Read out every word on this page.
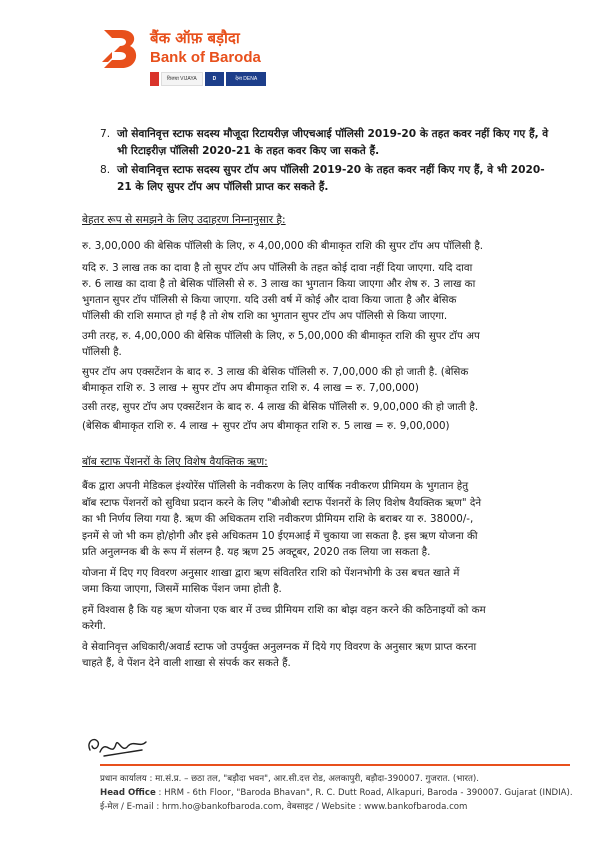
बैंक ऑफ़ बड़ौदा
Bank of Baroda
विजया VIJAYA	D	देना DENA
7. जो सेवानिवृत्त स्टाफ सदस्य मौजूदा रिटायरीज़ जीएचआई पॉलिसी 2019-20 के तहत कवर नहीं किए गए हैं, वे भी रिटाइरीज़ पॉलिसी 2020-21 के तहत कवर किए जा सकते हैं.
8. जो सेवानिवृत्त स्टाफ सदस्य सुपर टॉप अप पॉलिसी 2019-20 के तहत कवर नहीं किए गए हैं, वे भी 2020-21 के लिए सुपर टॉप अप पॉलिसी प्राप्त कर सकते हैं.
बेहतर रूप से समझने के लिए उदाहरण निम्नानुसार है:
रु. 3,00,000 की बेसिक पॉलिसी के लिए, रु 4,00,000 की बीमाकृत राशि की सुपर टॉप अप पॉलिसी है.
यदि रु. 3 लाख तक का दावा है तो सुपर टॉप अप पॉलिसी के तहत कोई दावा नहीं दिया जाएगा. यदि दावा
रु. 6 लाख का दावा है तो बेसिक पॉलिसी से रु. 3 लाख का भुगतान किया जाएगा और शेष रु. 3 लाख का
भुगतान सुपर टॉप पॉलिसी से किया जाएगा. यदि उसी वर्ष में कोई और दावा किया जाता है और बेसिक
पॉलिसी की राशि समाप्त हो गई है तो शेष राशि का भुगतान सुपर टॉप अप पॉलिसी से किया जाएगा.
उमी तरह, रु. 4,00,000 की बेसिक पॉलिसी के लिए, रु 5,00,000 की बीमाकृत राशि की सुपर टॉप अप
पॉलिसी है.
सुपर टॉप अप एक्सटेंशन के बाद रु. 3 लाख की बेसिक पॉलिसी रु. 7,00,000 की हो जाती है. (बेसिक
बीमाकृत राशि रु. 3 लाख + सुपर टॉप अप बीमाकृत राशि रु. 4 लाख = रु. 7,00,000)
उसी तरह, सुपर टॉप अप एक्सटेंशन के बाद रु. 4 लाख की बेसिक पॉलिसी रु. 9,00,000 की हो जाती है.
(बेसिक बीमाकृत राशि रु. 4 लाख + सुपर टॉप अप बीमाकृत राशि रु. 5 लाख = रु. 9,00,000)
बॉब स्टाफ पेंशनरों के लिए विशेष वैयक्तिक ऋण:
बैंक द्वारा अपनी मेडिकल इंश्योरेंस पॉलिसी के नवीकरण के लिए वार्षिक नवीकरण प्रीमियम के भुगतान हेतु
बॉब स्टाफ पेंशनरों को सुविधा प्रदान करने के लिए "बीओबी स्टाफ पेंशनरों के लिए विशेष वैयक्तिक ऋण" देने
का भी निर्णय लिया गया है. ऋण की अधिकतम राशि नवीकरण प्रीमियम राशि के बराबर या रु. 38000/-,
इनमें से जो भी कम हो/होगी और इसे अधिकतम 10 ईएमआई में चुकाया जा सकता है. इस ऋण योजना की
प्रति अनुलग्नक बी के रूप में संलग्न है. यह ऋण 25 अक्टूबर, 2020 तक लिया जा सकता है.
योजना में दिए गए विवरण अनुसार शाखा द्वारा ऋण संवितरित राशि को पेंशनभोगी के उस बचत खाते में
जमा किया जाएगा, जिसमें मासिक पेंशन जमा होती है.
हमें विश्वास है कि यह ऋण योजना एक बार में उच्च प्रीमियम राशि का बोझ वहन करने की कठिनाइयों को कम
करेगी.
वे सेवानिवृत्त अधिकारी/अवार्ड स्टाफ जो उपर्युक्त अनुलग्नक में दिये गए विवरण के अनुसार ऋण प्राप्त करना
चाहते हैं, वे पेंशन देने वाली शाखा से संपर्क कर सकते हैं.
प्रधान कार्यालय : मा.सं.प्र. – छठा तल, "बड़ौदा भवन", आर.सी.दत्त रोड, अलकापुरी, बड़ौदा-390007. गुजरात. (भारत).
Head Office : HRM - 6th Floor, "Baroda Bhavan", R. C. Dutt Road, Alkapuri, Baroda - 390007. Gujarat (INDIA).
ई-मेल / E-mail : hrm.ho@bankofbaroda.com, वेबसाइट / Website : www.bankofbaroda.com
